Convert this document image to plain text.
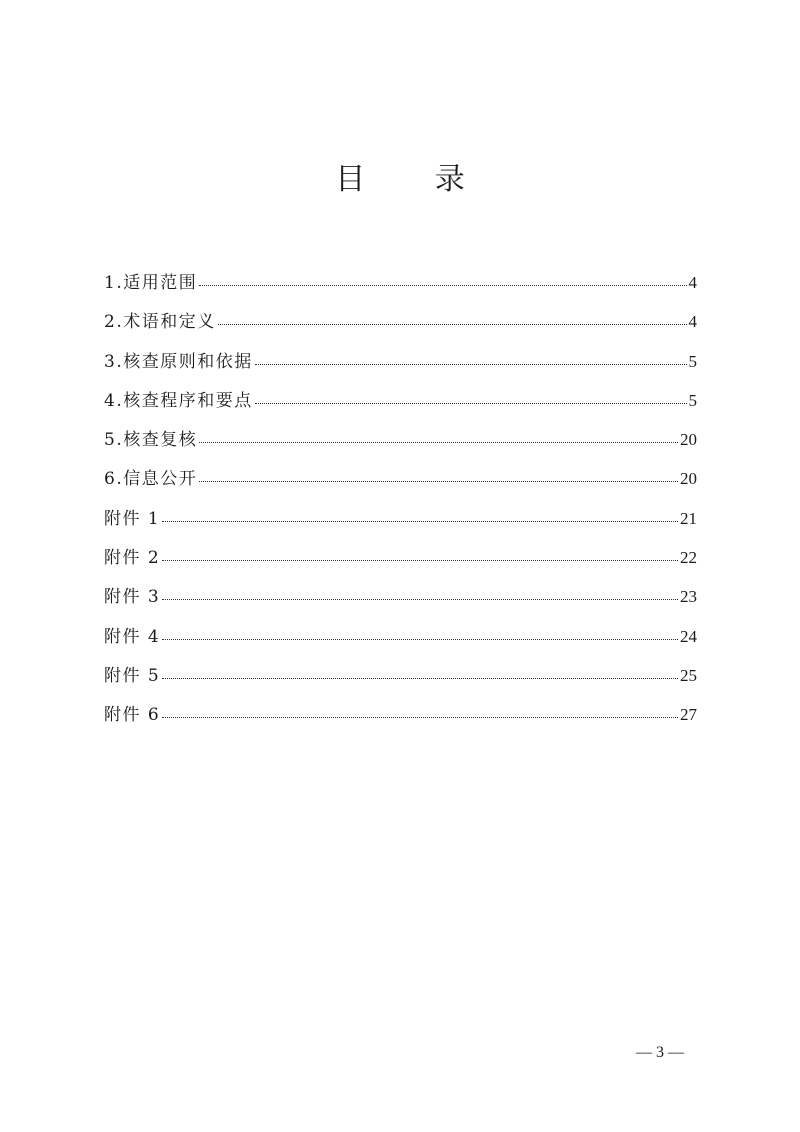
目 录
1.适用范围	4
2.术语和定义	4
3.核查原则和依据	5
4.核查程序和要点	5
5.核查复核	20
6.信息公开	20
附件 1	21
附件 2	22
附件 3	23
附件 4	24
附件 5	25
附件 6	27
— 3 —
